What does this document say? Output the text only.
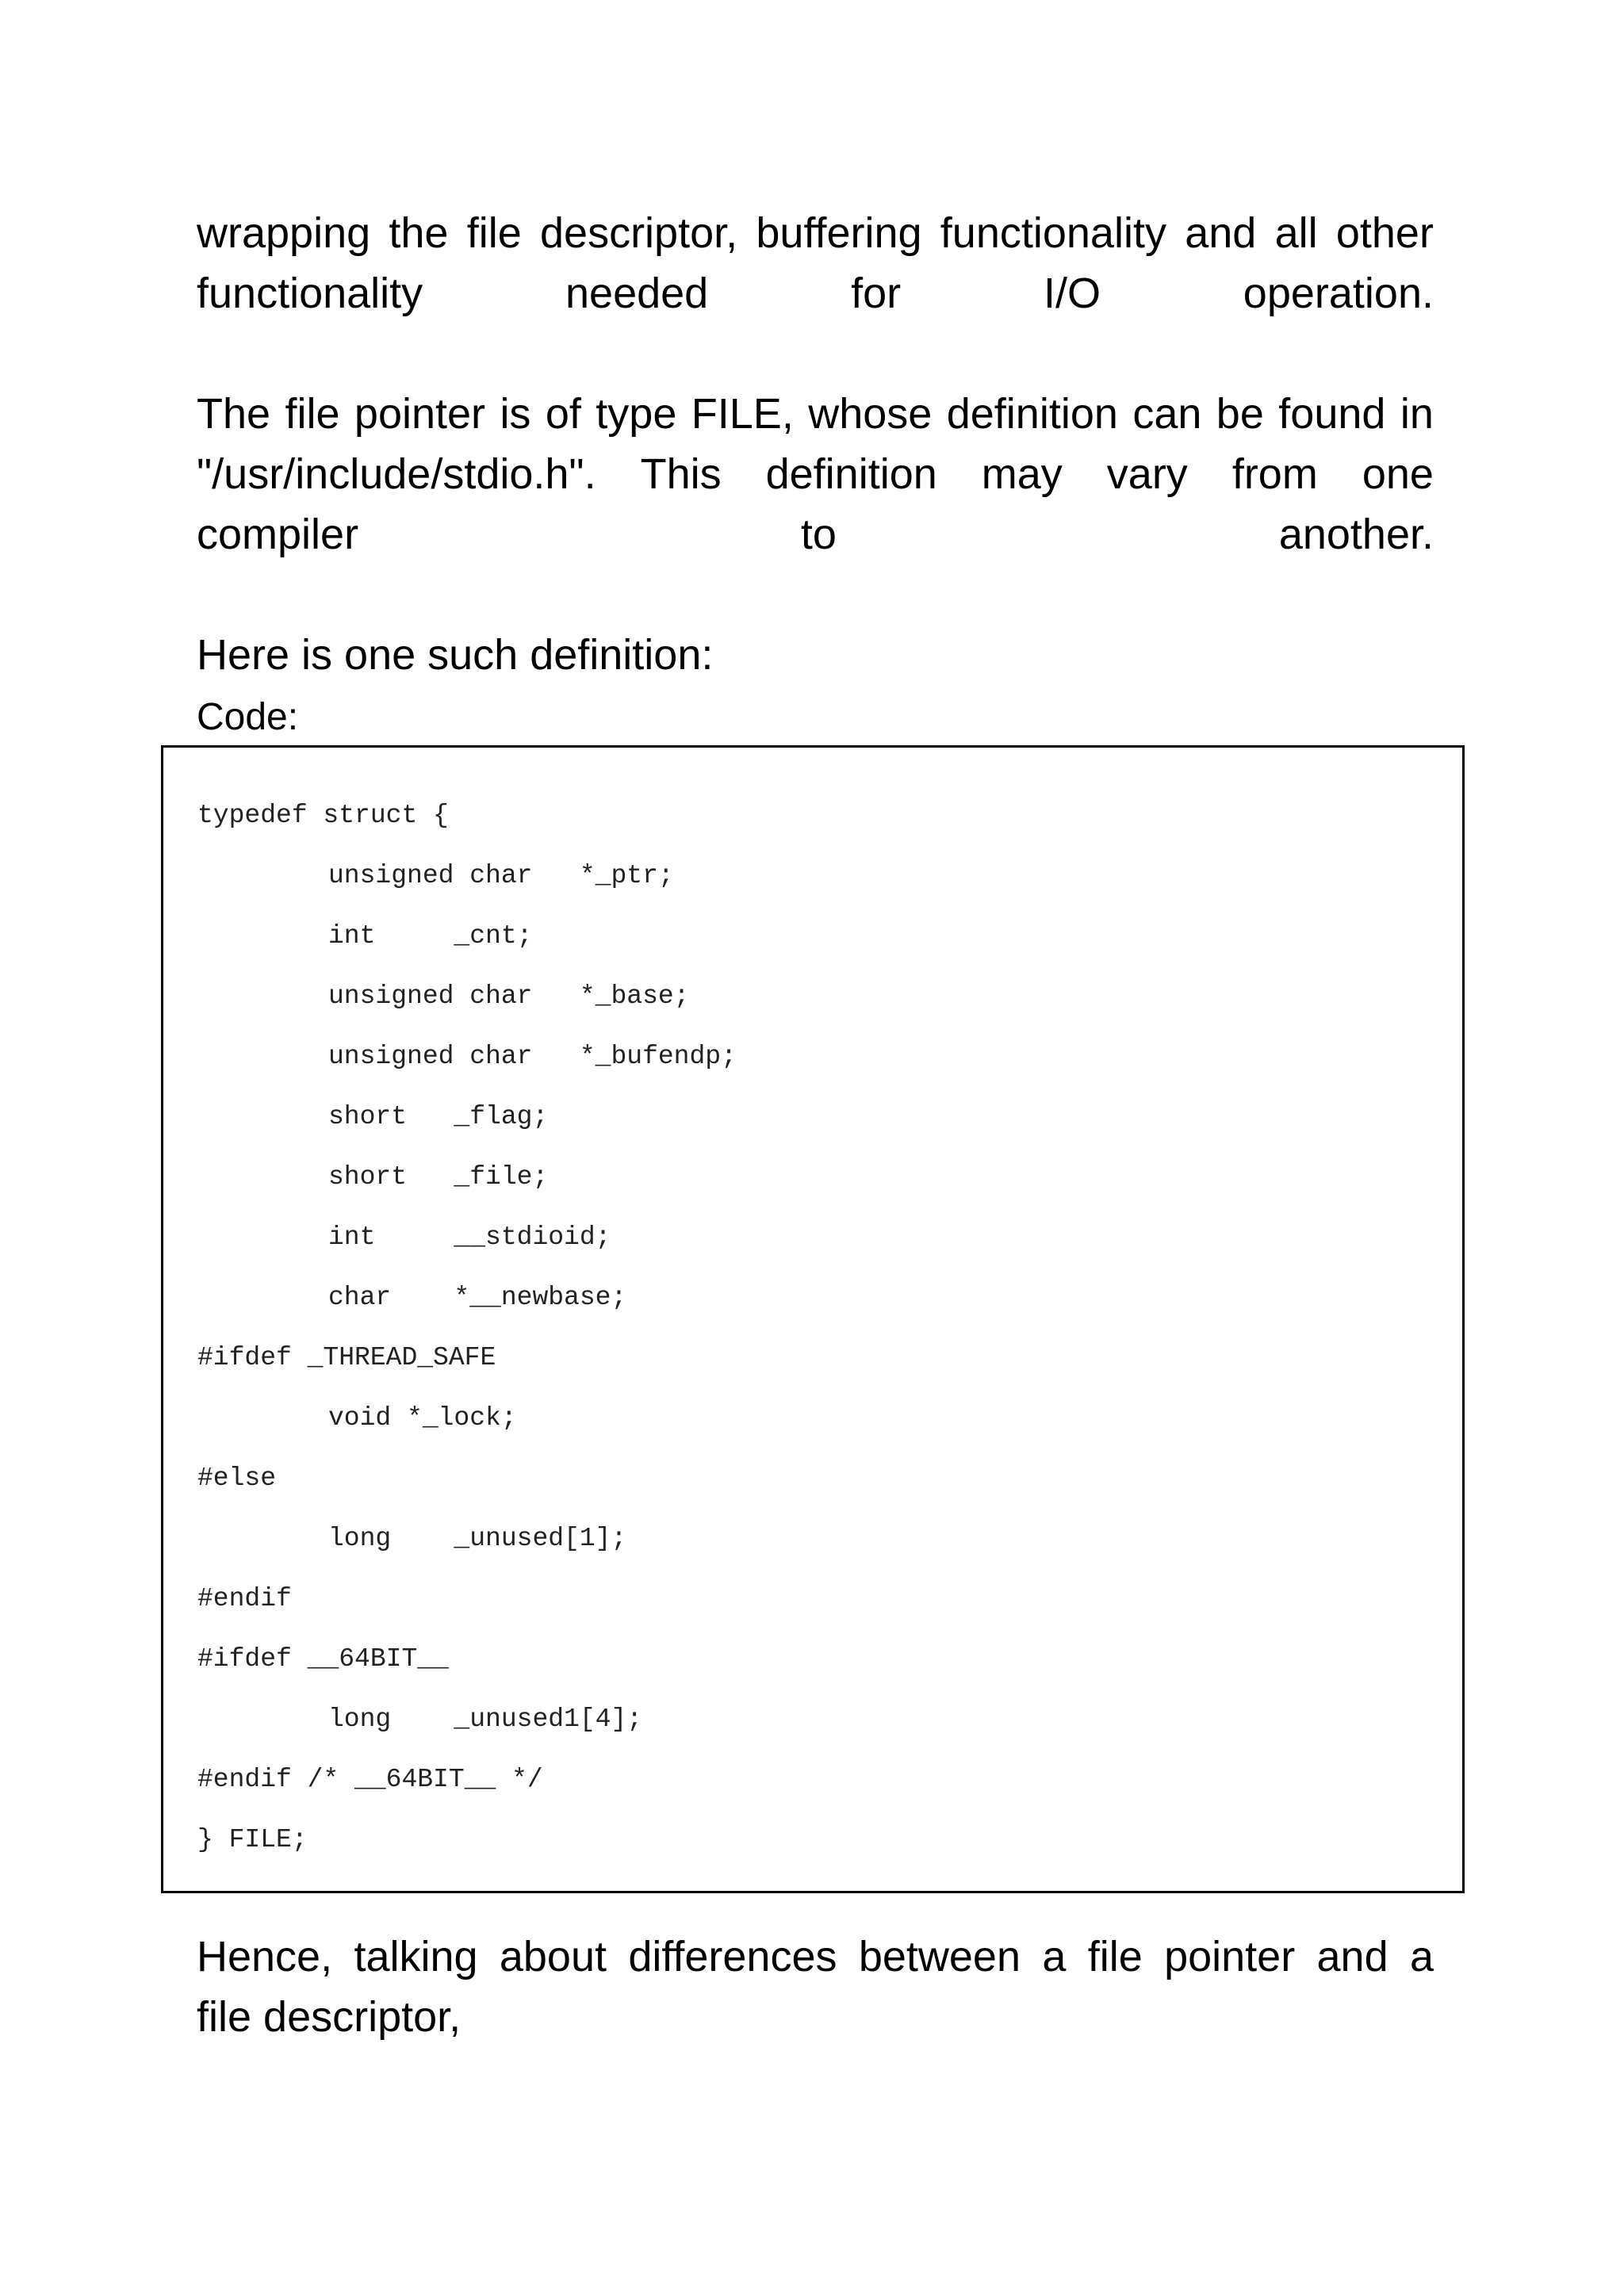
wrapping the file descriptor, buffering functionality and all other
functionality	needed	for	I/O	operation.
The file pointer is of type FILE, whose definition can be found in
"/usr/include/stdio.h". This definition may vary from one
compiler	to	another.
Here is one such definition:
Code:
typedef struct {
unsigned char   *_ptr;
int     _cnt;
unsigned char   *_base;
unsigned char   *_bufendp;
short   _flag;
short   _file;
int     __stdioid;
char    *__newbase;
#ifdef _THREAD_SAFE
void *_lock;
#else
long    _unused[1];
#endif
#ifdef __64BIT__
long    _unused1[4];
#endif /* __64BIT__ */
} FILE;
Hence, talking about differences between a file pointer and a
file descriptor,
